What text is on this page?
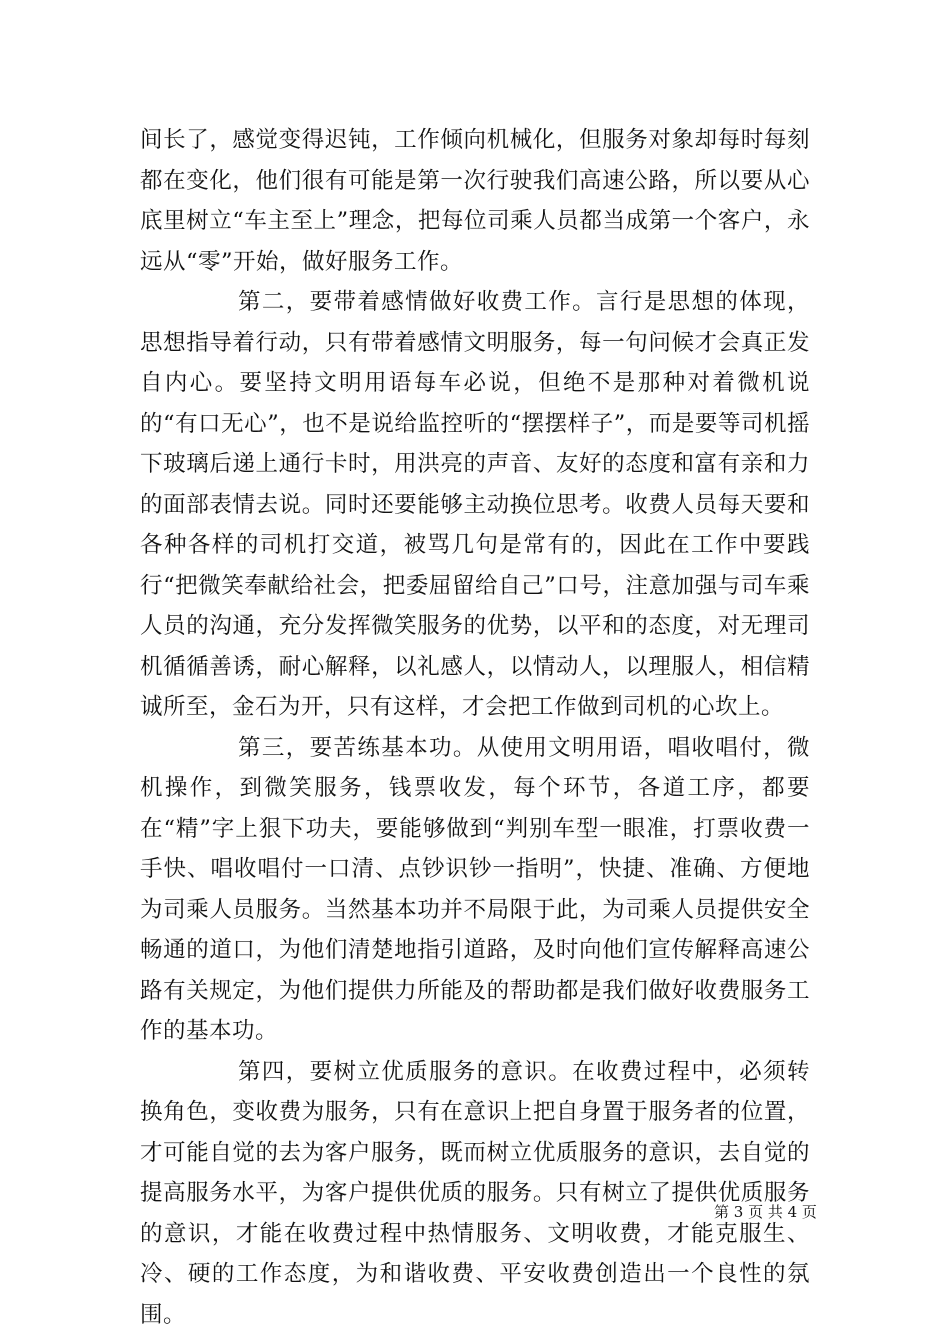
间长了，感觉变得迟钝，工作倾向机械化，但服务对象却每时每刻都在变化，他们很有可能是第一次行驶我们高速公路，所以要从心底里树立“车主至上”理念，把每位司乘人员都当成第一个客户，永远从“零”开始，做好服务工作。

第二，要带着感情做好收费工作。言行是思想的体现，思想指导着行动，只有带着感情文明服务，每一句问候才会真正发自内心。要坚持文明用语每车必说，但绝不是那种对着微机说的“有口无心”，也不是说给监控听的“摆摆样子”，而是要等司机摇下玻璃后递上通行卡时，用洪亮的声音、友好的态度和富有亲和力的面部表情去说。同时还要能够主动换位思考。收费人员每天要和各种各样的司机打交道，被骂几句是常有的，因此在工作中要践行“把微笑奉献给社会，把委屈留给自己”口号，注意加强与司车乘人员的沟通，充分发挥微笑服务的优势，以平和的态度，对无理司机循循善诱，耐心解释，以礼感人，以情动人，以理服人，相信精诚所至，金石为开，只有这样，才会把工作做到司机的心坎上。

第三，要苦练基本功。从使用文明用语，唱收唱付，微机操作，到微笑服务，钱票收发，每个环节，各道工序，都要在“精”字上狠下功夫，要能够做到“判别车型一眼准，打票收费一手快、唱收唱付一口清、点钞识钞一指明”，快捷、准确、方便地为司乘人员服务。当然基本功并不局限于此，为司乘人员提供安全畅通的道口，为他们清楚地指引道路，及时向他们宣传解释高速公路有关规定，为他们提供力所能及的帮助都是我们做好收费服务工作的基本功。

第四，要树立优质服务的意识。在收费过程中，必须转换角色，变收费为服务，只有在意识上把自身置于服务者的位置，才可能自觉的去为客户服务，既而树立优质服务的意识，去自觉的提高服务水平，为客户提供优质的服务。只有树立了提供优质服务的意识，才能在收费过程中热情服务、文明收费，才能克服生、冷、硬的工作态度，为和谐收费、平安收费创造出一个良性的氛围。

第 3 页 共 4 页
